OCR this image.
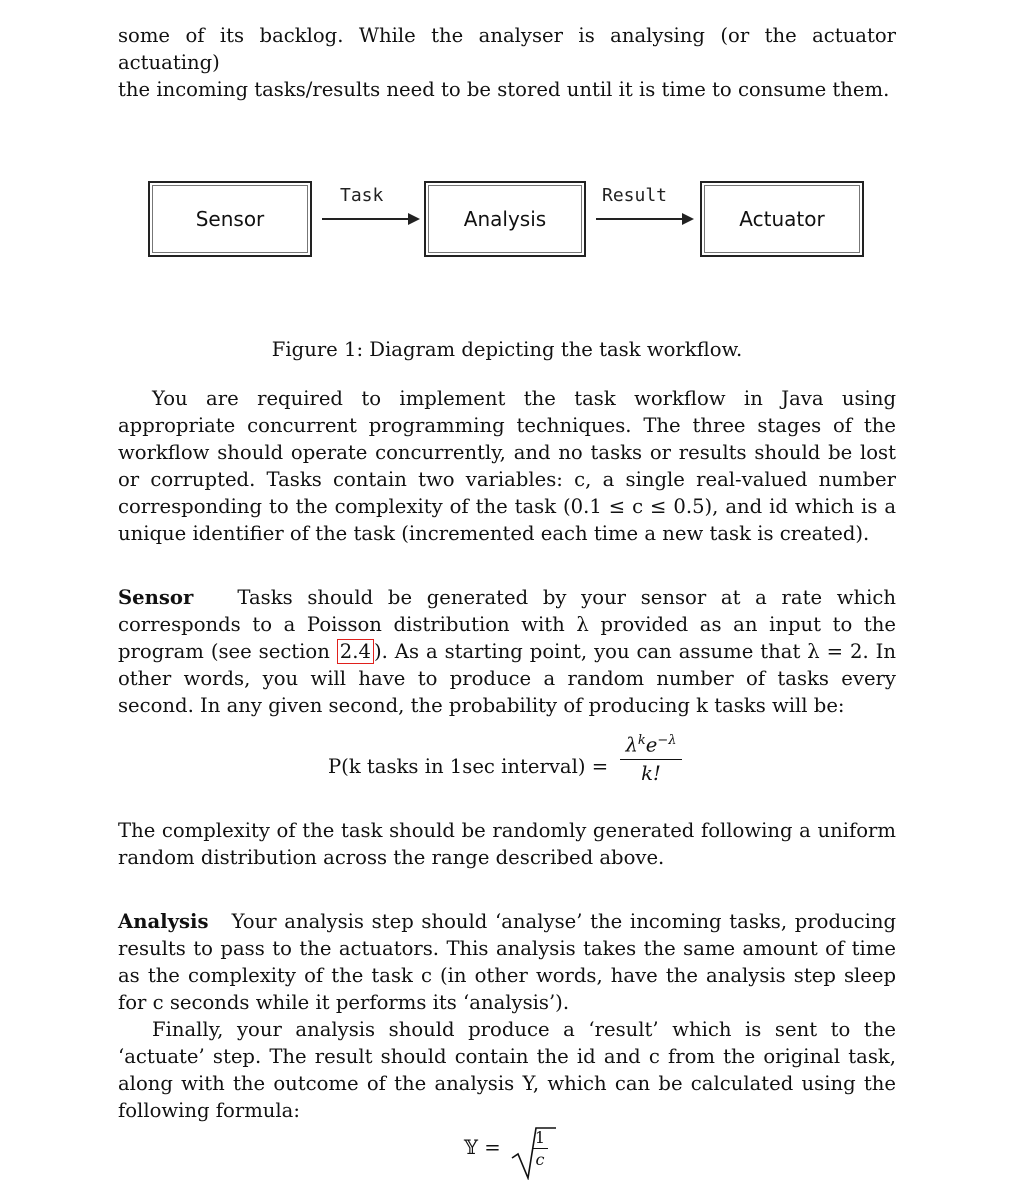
some of its backlog. While the analyser is analysing (or the actuator actuating)

the incoming tasks/results need to be stored until it is time to consume them.

Sensor
Task
Analysis
Result
Actuator

Figure 1: Diagram depicting the task workflow.

You are required to implement the task workflow in Java using appropriate concurrent programming techniques. The three stages of the workflow should operate concurrently, and no tasks or results should be lost or corrupted. Tasks contain two variables: c, a single real-valued number corresponding to the complexity of the task (0.1 ≤ c ≤ 0.5), and id which is a unique identifier of the task (incremented each time a new task is created).

Sensor Tasks should be generated by your sensor at a rate which corresponds to a Poisson distribution with λ provided as an input to the program (see section 2.4 ). As a starting point, you can assume that λ = 2. In other words, you will have to produce a random number of tasks every second. In any given second, the probability of producing k tasks will be:

P(k tasks in 1sec interval) =
$\lambda^ke^{-\lambda}$
k!

The complexity of the task should be randomly generated following a uniform random distribution across the range described above.

Analysis Your analysis step should ‘analyse’ the incoming tasks, producing results to pass to the actuators. This analysis takes the same amount of time as the complexity of the task c (in other words, have the analysis step sleep for c seconds while it performs its ‘analysis’).

Finally, your analysis should produce a ‘result’ which is sent to the ‘actuate’ step. The result should contain the id and c from the original task, along with the outcome of the analysis Y, which can be calculated using the following formula:

𝕐 = $\frac{1}{c}$
